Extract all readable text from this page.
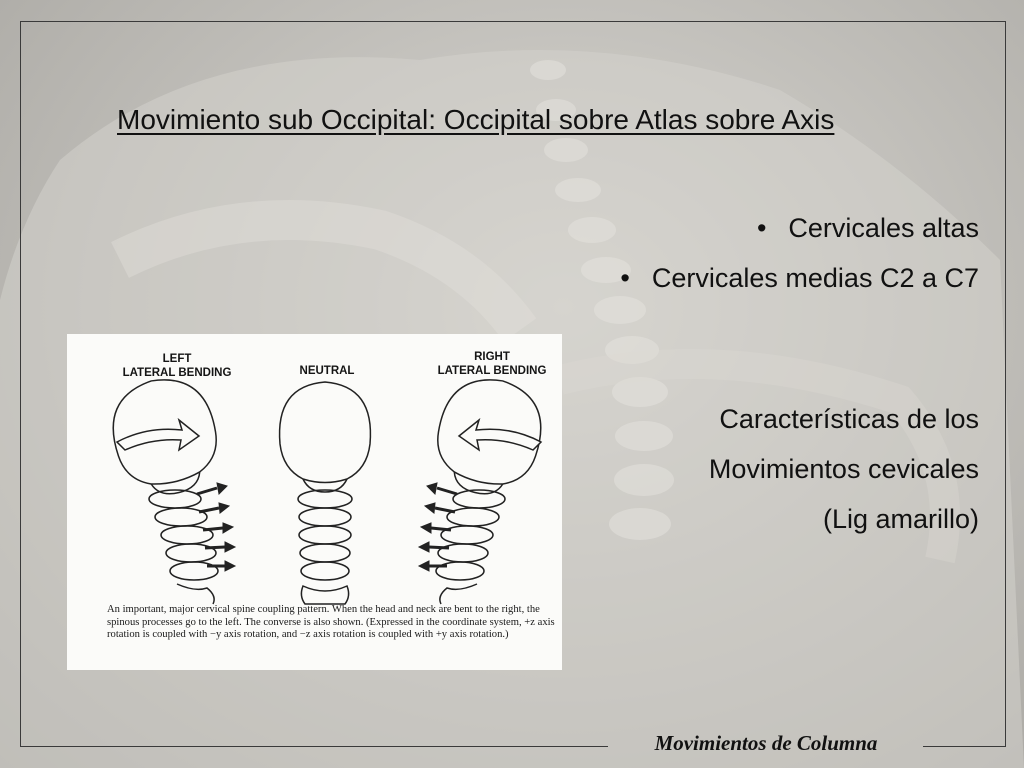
Movimiento sub Occipital: Occipital sobre Atlas sobre Axis
• Cervicales altas
• Cervicales medias C2 a C7
Características de los
Movimientos cevicales
(Lig amarillo)
LEFT
LATERAL BENDING	NEUTRAL
RIGHT
LATERAL BENDING
An important, major cervical spine coupling pattern. When the head and neck are bent to the right, the spinous processes go to the left. The converse is also shown. (Expressed in the coordinate system, +z axis rotation is coupled with −y axis rotation, and −z axis rotation is coupled with +y axis rotation.)
Movimientos de Columna
